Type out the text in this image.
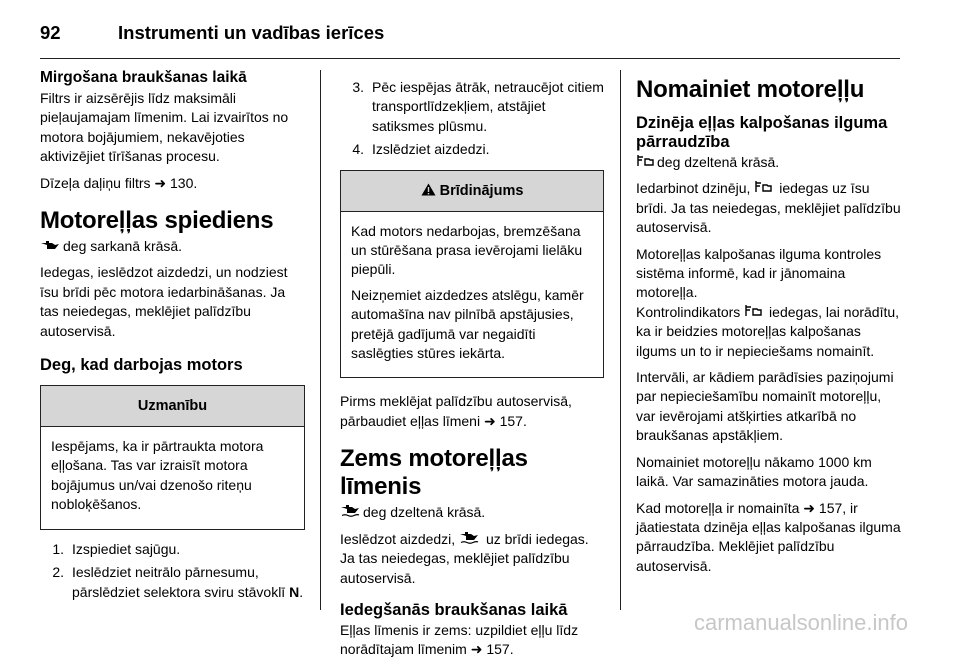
92	Instrumenti un vadības ierīces
Mirgošana braukšanas laikā

Filtrs ir aizsērējis līdz maksimāli pieļaujamajam līmenim. Lai izvairītos no motora bojājumiem, nekavējoties aktivizējiet tīrīšanas procesu.

Dīzeļa daļiņu filtrs ➜ 130.

Motoreļļas spiediens

deg sarkanā krāsā.

Iedegas, ieslēdzot aizdedzi, un nodziest īsu brīdi pēc motora iedarbināšanas. Ja tas neiedegas, meklējiet palīdzību autoservisā.

Deg, kad darbojas motors
Uzmanību

Iespējams, ka ir pārtraukta motora eļļošana. Tas var izraisīt motora bojājumus un/vai dzenošo riteņu nobloķēšanos.

1. Izspiediet sajūgu.
2. Ieslēdziet neitrālo pārnesumu, pārslēdziet selektora sviru stāvoklī N.
3. Pēc iespējas ātrāk, netraucējot citiem transportlīdzekļiem, atstājiet satiksmes plūsmu.
4. Izslēdziet aizdedzi.
Brīdinājums

Kad motors nedarbojas, bremzēšana un stūrēšana prasa ievērojami lielāku piepūli.

Neizņemiet aizdedzes atslēgu, kamēr automašīna nav pilnībā apstājusies, pretējā gadījumā var negaidīti saslēgties stūres iekārta.

Pirms meklējat palīdzību autoservisā, pārbaudiet eļļas līmeni ➜ 157.

Zems motoreļļas līmenis

deg dzeltenā krāsā.

Ieslēdzot aizdedzi,  uz brīdi iedegas. Ja tas neiedegas, meklējiet palīdzību autoservisā.

Iedegšanās braukšanas laikā

Eļļas līmenis ir zems: uzpildiet eļļu līdz norādītajam līmenim ➜ 157.

Nomainiet motoreļļu
Dzinēja eļļas kalpošanas ilguma pārraudzība

deg dzeltenā krāsā.

Iedarbinot dzinēju,  iedegas uz īsu brīdi. Ja tas neiedegas, meklējiet palīdzību autoservisā.

Motoreļļas kalpošanas ilguma kontroles sistēma informē, kad ir jānomaina motoreļļa.

Kontrolindikators  iedegas, lai norādītu, ka ir beidzies motoreļļas kalpošanas ilgums un to ir nepieciešams nomainīt.

Intervāli, ar kādiem parādīsies paziņojumi par nepieciešamību nomainīt motoreļļu, var ievērojami atšķirties atkarībā no braukšanas apstākļiem.

Nomainiet motoreļļu nākamo 1000 km laikā. Var samazināties motora jauda.

Kad motoreļļa ir nomainīta ➜ 157, ir jāatiestata dzinēja eļļas kalpošanas ilguma pārraudzība. Meklējiet palīdzību autoservisā.

carmanualsonline.info
